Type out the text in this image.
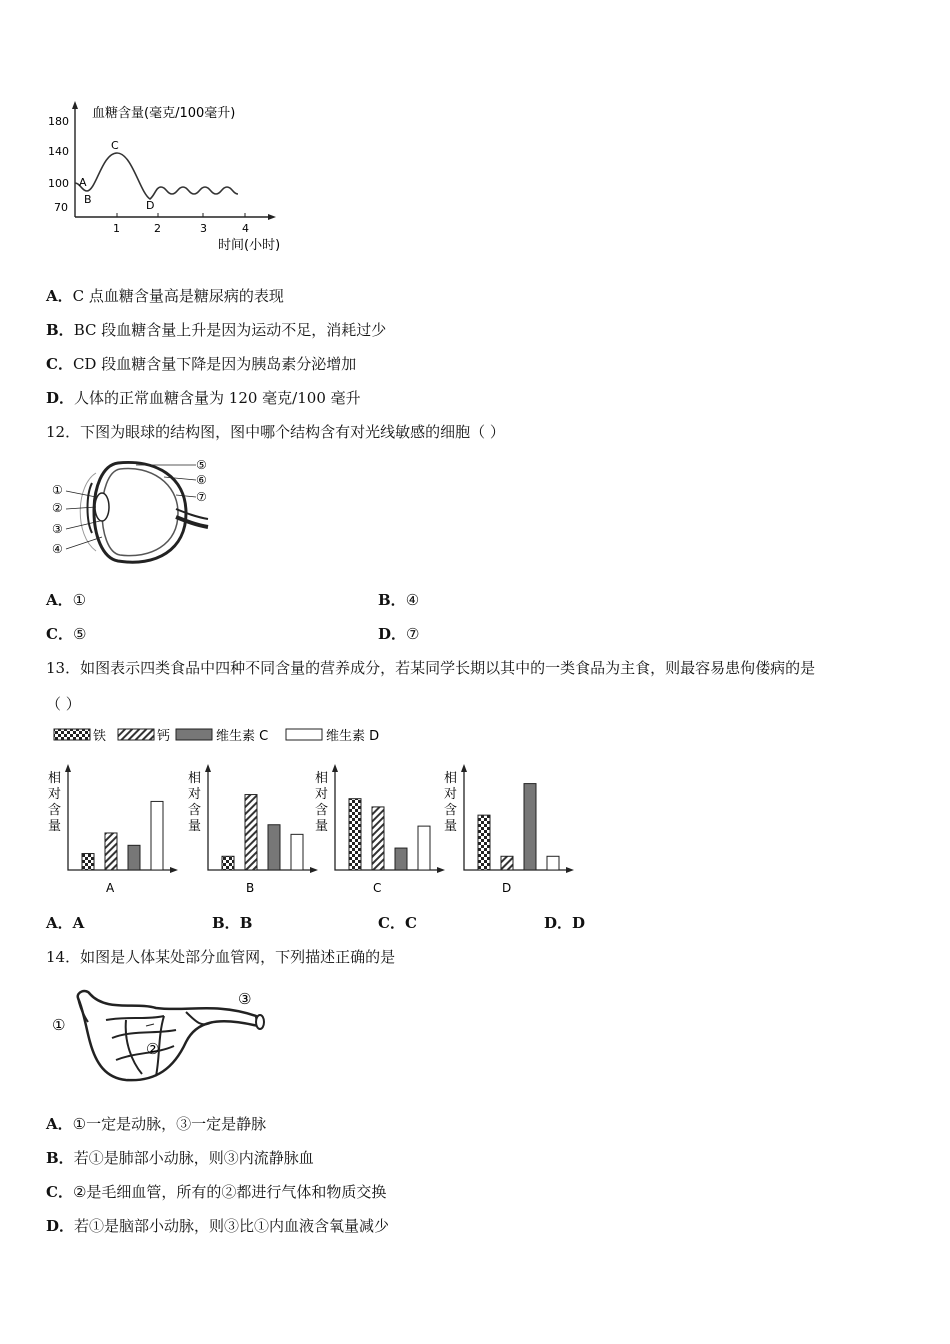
血糖含量(毫克/100毫升)
180
140
100
70
1	2	3	4
A
B
C
D
时间(小时)
A．C 点血糖含量高是糖尿病的表现
B．BC 段血糖含量上升是因为运动不足，消耗过少
C．CD 段血糖含量下降是因为胰岛素分泌增加
D．人体的正常血糖含量为 120 毫克/100 毫升
12．下图为眼球的结构图，图中哪个结构含有对光线敏感的细胞（ ）
①
②
③
④
⑤
⑥
⑦
A．①	B．④
C．⑤	D．⑦
13．如图表示四类食品中四种不同含量的营养成分，若某同学长期以其中的一类食品为主食，则最容易患佝偻病的是
（ ）
铁	钙	维生素 C	维生素 D
相
对
含
量
A
相
对
含
量
B
相
对
含
量
C
相
对
含
量
D
A．A	B．B	C．C	D．D
14．如图是人体某处部分血管网，下列描述正确的是
①
②
③
A．①一定是动脉，③一定是静脉
B．若①是肺部小动脉，则③内流静脉血
C．②是毛细血管，所有的②都进行气体和物质交换
D．若①是脑部小动脉，则③比①内血液含氧量减少
